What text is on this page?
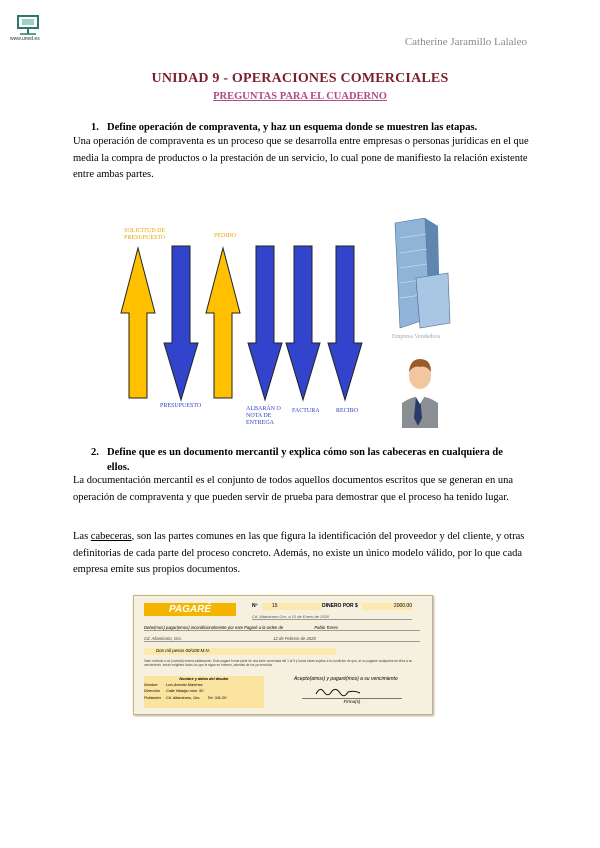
www.uned.es	Catherine Jaramillo Lalaleo
UNIDAD 9 - OPERACIONES COMERCIALES
PREGUNTAS PARA EL CUADERNO
1. Define operación de compraventa, y haz un esquema donde se muestren las etapas.
Una operación de compraventa es un proceso que se desarrolla entre empresas o personas jurídicas en el que media la compra de productos o la prestación de un servicio, lo cual pone de manifiesto la relación existente entre ambas partes.
SOLICITUD DE PRESUPUESTO	PEDIDO
PRESUPUESTO	ALBARÁN O NOTA DE ENTREGA
FACTURA	RECIBO
Empresa Vendedora
2. Define que es un documento mercantil y explica cómo son las cabeceras en cualquiera de
ellos.
La documentación mercantil es el conjunto de todos aquellos documentos escritos que se generan en una operación de compraventa y que pueden servir de prueba para demostrar que el proceso ha tenido lugar.
Las cabeceras, son las partes comunes en las que figura la identificación del proveedor y del cliente, y otras definitorias de cada parte del proceso concreto. Además, no existe un único modelo válido, por lo que cada empresa emite sus propios documentos.
PAGARÉ	Nº	15	DINERO POR $	2000.00
Cd. Altamirano Gro. a 10 de Enero de 2020
Debe(mos) pagar(emos) incondicionalmente por este Pagaré a la orden de	Pablo Torres
Cd. Altamirano, Gro.	12 de Febrero de 2020
Dos mil pesos 00/100 M.N.
Valor recibido a mi (nuestra) entera satisfacción. Este pagaré forma parte de una serie numerada del 1 al 5 y todos están sujetos a la condición de que, al no pagarse cualquiera de ellos a su vencimiento, serán exigibles todos los que le sigan en número, además de los ya vencidos.
Nombre y datos del deudor
Nombre Luis Antonio Martínez
Dirección Calle Hidalgo núm. 50
Población Cd. Altamirano, Gro. Tel. 341-00
Acepto(amos) y pagaré(mos) a su vencimiento
Firma(s)
